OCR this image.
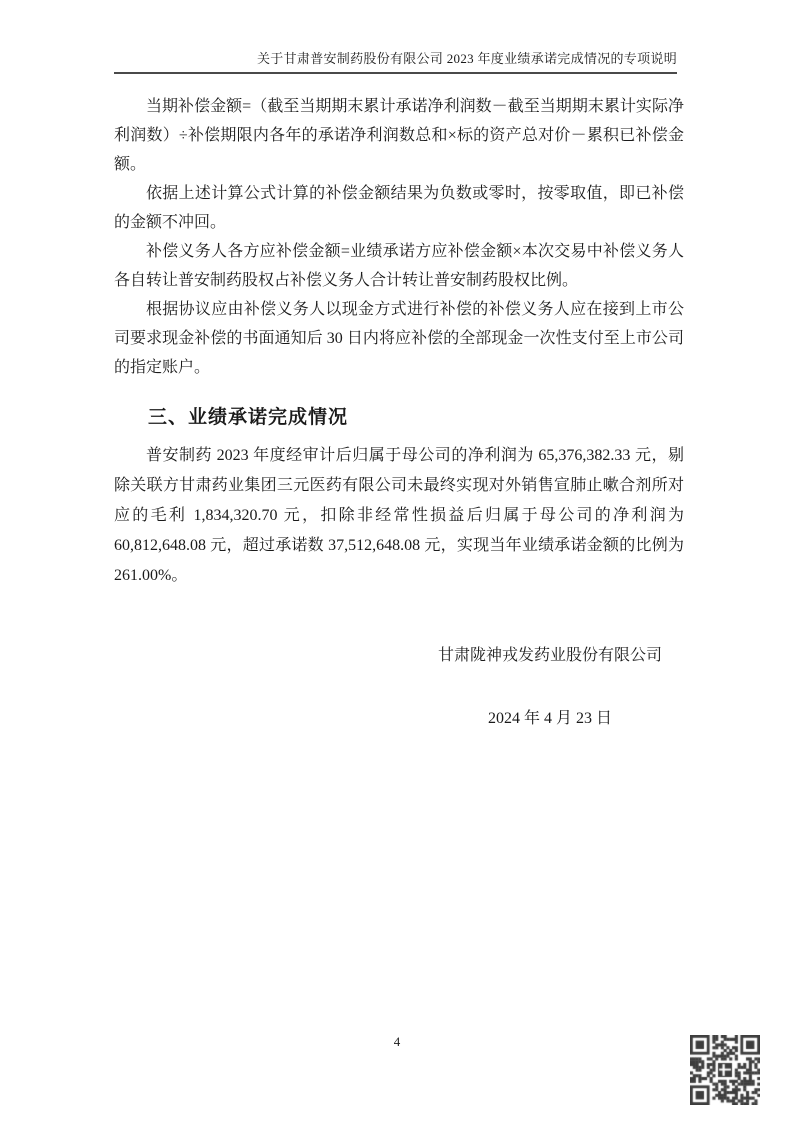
关于甘肃普安制药股份有限公司 2023 年度业绩承诺完成情况的专项说明

当期补偿金额=（截至当期期末累计承诺净利润数－截至当期期末累计实际净利润数）÷补偿期限内各年的承诺净利润数总和×标的资产总对价－累积已补偿金额。

依据上述计算公式计算的补偿金额结果为负数或零时，按零取值，即已补偿的金额不冲回。

补偿义务人各方应补偿金额=业绩承诺方应补偿金额×本次交易中补偿义务人各自转让普安制药股权占补偿义务人合计转让普安制药股权比例。

根据协议应由补偿义务人以现金方式进行补偿的补偿义务人应在接到上市公司要求现金补偿的书面通知后 30 日内将应补偿的全部现金一次性支付至上市公司的指定账户。

三、业绩承诺完成情况

普安制药 2023 年度经审计后归属于母公司的净利润为 65,376,382.33 元，剔除关联方甘肃药业集团三元医药有限公司未最终实现对外销售宣肺止嗽合剂所对应的毛利 1,834,320.70 元，扣除非经常性损益后归属于母公司的净利润为 60,812,648.08 元，超过承诺数 37,512,648.08 元，实现当年业绩承诺金额的比例为 261.00%。

甘肃陇神戎发药业股份有限公司
2024 年 4 月 23 日
4
